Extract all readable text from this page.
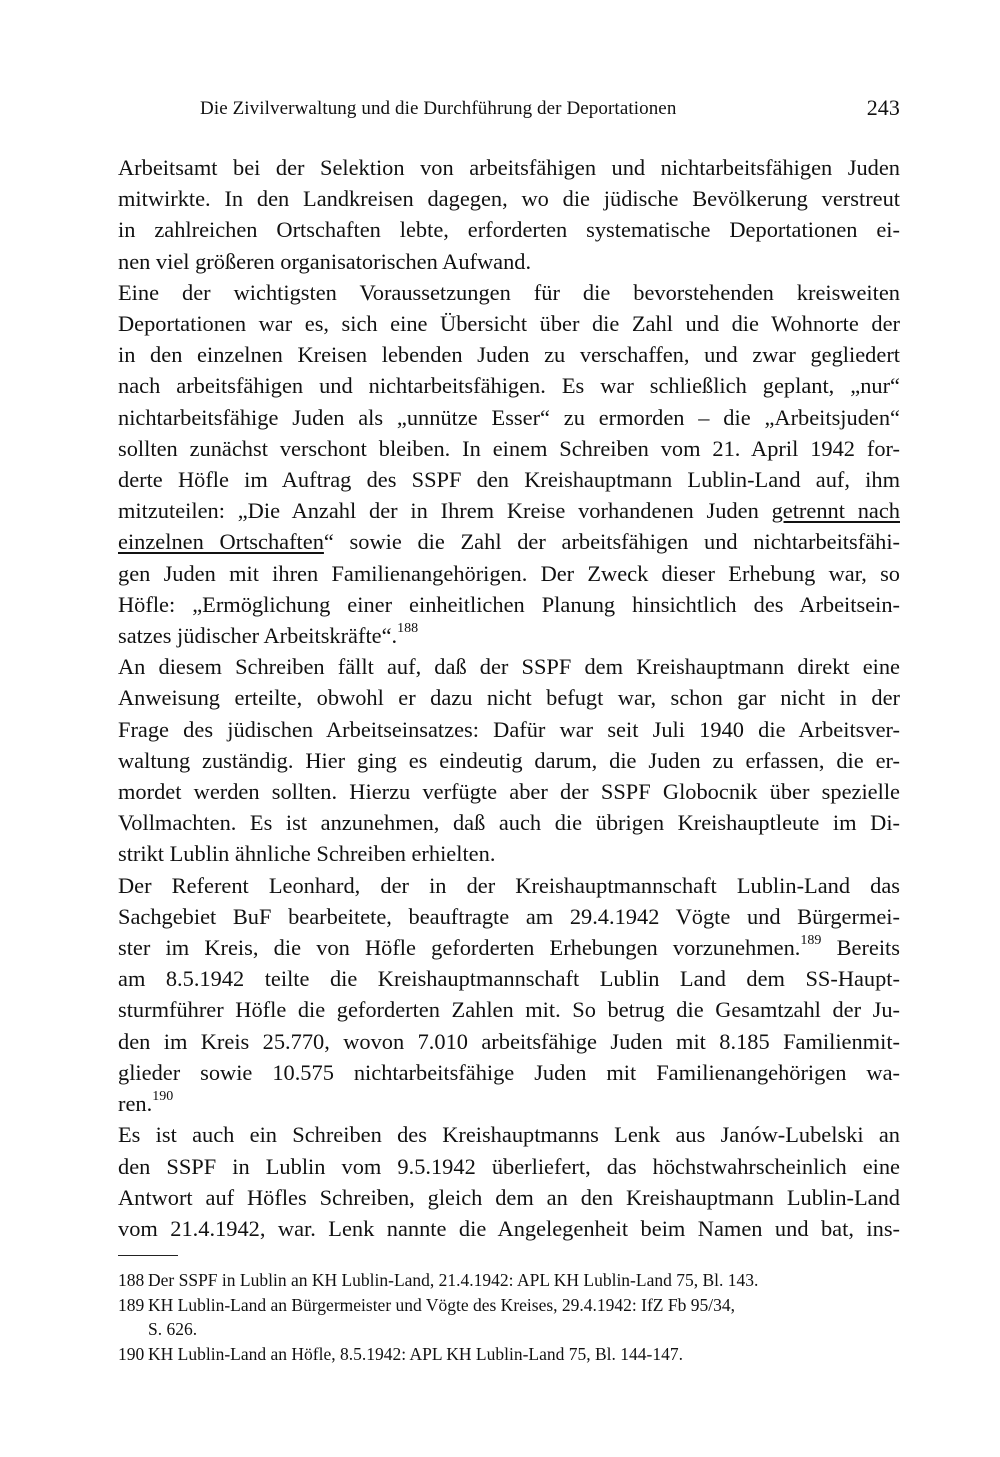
Die Zivilverwaltung und die Durchführung der Deportationen	243

Arbeitsamt bei der Selektion von arbeitsfähigen und nichtarbeitsfähigen Juden
mitwirkte. In den Landkreisen dagegen, wo die jüdische Bevölkerung verstreut
in zahlreichen Ortschaften lebte, erforderten systematische Deportationen ei-
nen viel größeren organisatorischen Aufwand.

Eine der wichtigsten Voraussetzungen für die bevorstehenden kreisweiten
Deportationen war es, sich eine Übersicht über die Zahl und die Wohnorte der
in den einzelnen Kreisen lebenden Juden zu verschaffen, und zwar gegliedert
nach arbeitsfähigen und nichtarbeitsfähigen. Es war schließlich geplant, „nur“
nichtarbeitsfähige Juden als „unnütze Esser“ zu ermorden – die „Arbeitsjuden“
sollten zunächst verschont bleiben. In einem Schreiben vom 21. April 1942 for-
derte Höfle im Auftrag des SSPF den Kreishauptmann Lublin-Land auf, ihm
mitzuteilen: „Die Anzahl der in Ihrem Kreise vorhandenen Juden getrennt nach
einzelnen Ortschaften“ sowie die Zahl der arbeitsfähigen und nichtarbeitsfähi-
gen Juden mit ihren Familienangehörigen. Der Zweck dieser Erhebung war, so
Höfle: „Ermöglichung einer einheitlichen Planung hinsichtlich des Arbeitsein-
satzes jüdischer Arbeitskräfte“.$^{188}$

An diesem Schreiben fällt auf, daß der SSPF dem Kreishauptmann direkt eine
Anweisung erteilte, obwohl er dazu nicht befugt war, schon gar nicht in der
Frage des jüdischen Arbeitseinsatzes: Dafür war seit Juli 1940 die Arbeitsver-
waltung zuständig. Hier ging es eindeutig darum, die Juden zu erfassen, die er-
mordet werden sollten. Hierzu verfügte aber der SSPF Globocnik über spezielle
Vollmachten. Es ist anzunehmen, daß auch die übrigen Kreishauptleute im Di-
strikt Lublin ähnliche Schreiben erhielten.

Der Referent Leonhard, der in der Kreishauptmannschaft Lublin-Land das
Sachgebiet BuF bearbeitete, beauftragte am 29.4.1942 Vögte und Bürgermei-
ster im Kreis, die von Höfle geforderten Erhebungen vorzunehmen.$^{189}$ Bereits
am 8.5.1942 teilte die Kreishauptmannschaft Lublin Land dem SS-Haupt-
sturmführer Höfle die geforderten Zahlen mit. So betrug die Gesamtzahl der Ju-
den im Kreis 25.770, wovon 7.010 arbeitsfähige Juden mit 8.185 Familienmit-
glieder sowie 10.575 nichtarbeitsfähige Juden mit Familienangehörigen wa-
ren.$^{190}$

Es ist auch ein Schreiben des Kreishauptmanns Lenk aus Janów-Lubelski an
den SSPF in Lublin vom 9.5.1942 überliefert, das höchstwahrscheinlich eine
Antwort auf Höfles Schreiben, gleich dem an den Kreishauptmann Lublin-Land
vom 21.4.1942, war. Lenk nannte die Angelegenheit beim Namen und bat, ins-

188 Der SSPF in Lublin an KH Lublin-Land, 21.4.1942: APL KH Lublin-Land 75, Bl. 143.
189 KH Lublin-Land an Bürgermeister und Vögte des Kreises, 29.4.1942: IfZ Fb 95/34,
S. 626.
190 KH Lublin-Land an Höfle, 8.5.1942: APL KH Lublin-Land 75, Bl. 144-147.
